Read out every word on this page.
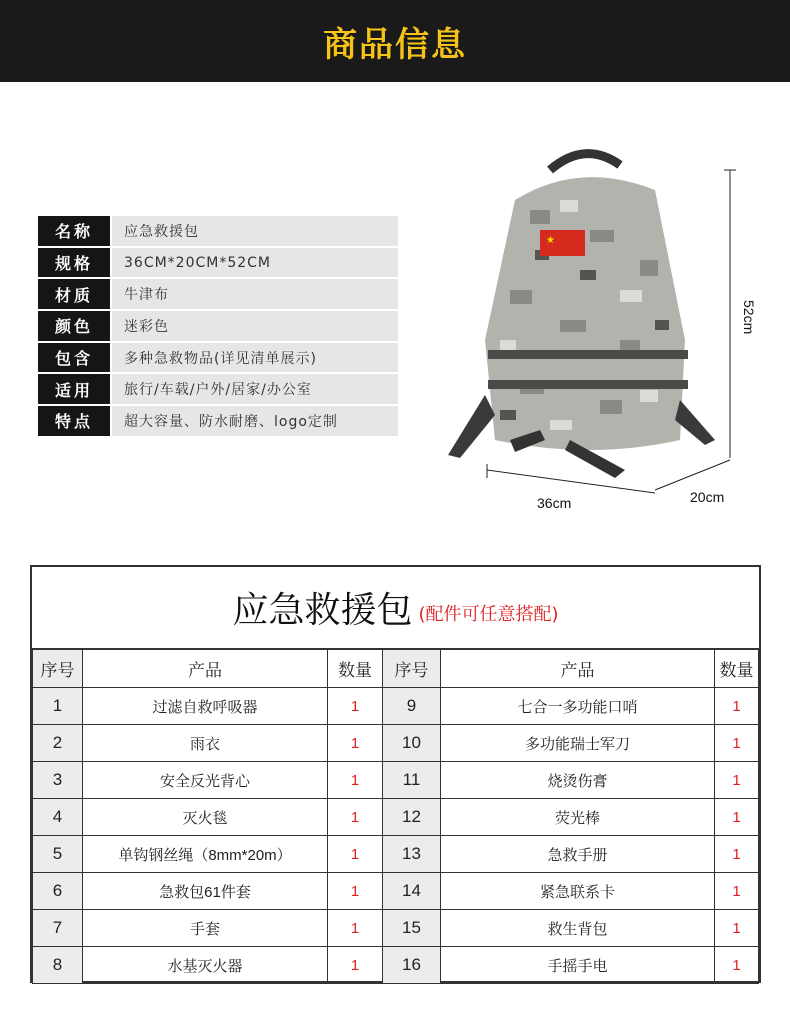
商品信息
名称	应急救援包
规格	36CM*20CM*52CM
材质	牛津布
颜色	迷彩色
包含	多种急救物品(详见清单展示)
适用	旅行/车载/户外/居家/办公室
特点	超大容量、防水耐磨、logo定制
★
52cm
36cm	20cm
应急救援包 (配件可任意搭配)
序号	产品	数量	序号	产品	数量
1	过滤自救呼吸器	1	9	七合一多功能口哨	1
2	雨衣	1	10	多功能瑞士军刀	1
3	安全反光背心	1	11	烧烫伤膏	1
4	灭火毯	1	12	荧光棒	1
5	单钩钢丝绳（8mm*20m）	1	13	急救手册	1
6	急救包61件套	1	14	紧急联系卡	1
7	手套	1	15	救生背包	1
8	水基灭火器	1	16	手摇手电	1
